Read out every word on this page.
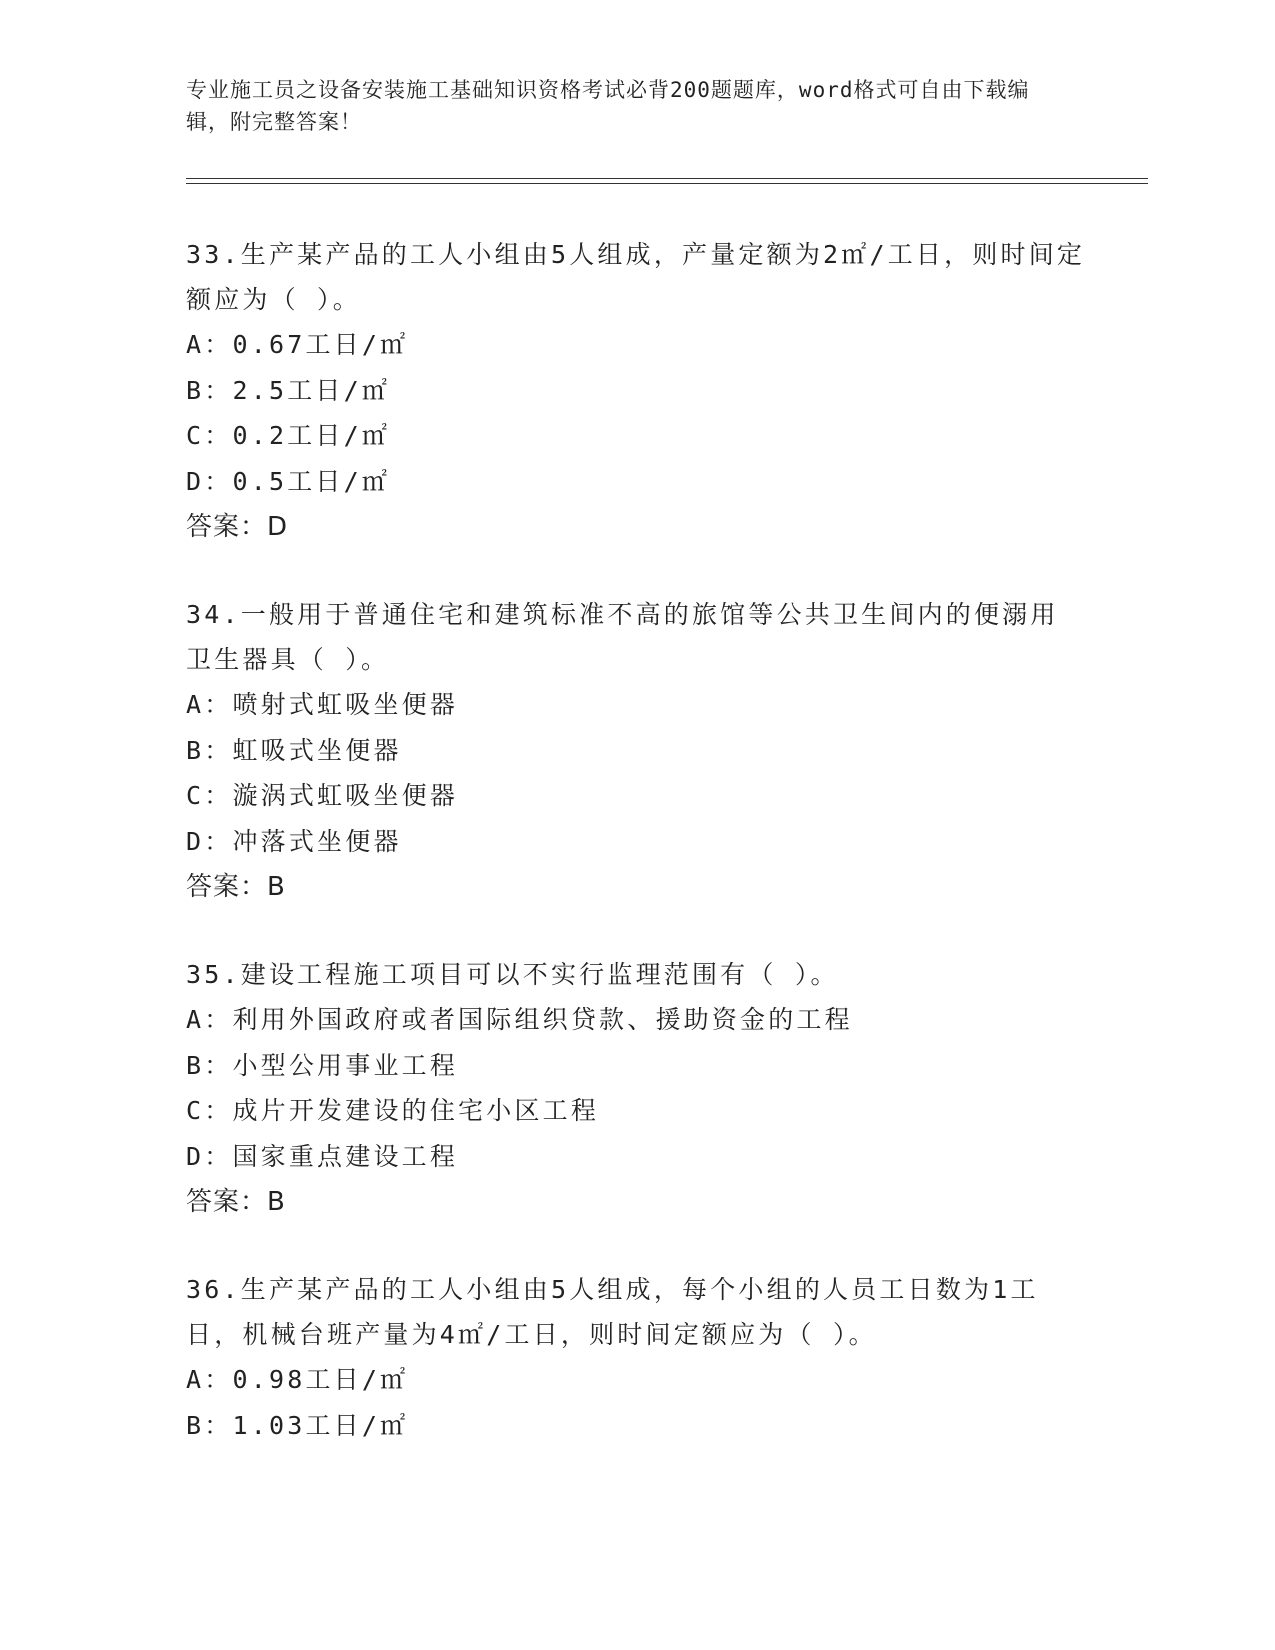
专业施工员之设备安装施工基础知识资格考试必背200题题库，word格式可自由下载编辑，附完整答案！

33.生产某产品的工人小组由5人组成，产量定额为2㎡/工日，则时间定额应为（ ）。

A：0.67工日/㎡

B：2.5工日/㎡

C：0.2工日/㎡

D：0.5工日/㎡

答案：D

34.一般用于普通住宅和建筑标准不高的旅馆等公共卫生间内的便溺用卫生器具（ ）。

A：喷射式虹吸坐便器

B：虹吸式坐便器

C：漩涡式虹吸坐便器

D：冲落式坐便器

答案：B

35.建设工程施工项目可以不实行监理范围有（ ）。

A：利用外国政府或者国际组织贷款、援助资金的工程

B：小型公用事业工程

C：成片开发建设的住宅小区工程

D：国家重点建设工程

答案：B

36.生产某产品的工人小组由5人组成，每个小组的人员工日数为1工日，机械台班产量为4㎡/工日，则时间定额应为（ ）。

A：0.98工日/㎡

B：1.03工日/㎡
